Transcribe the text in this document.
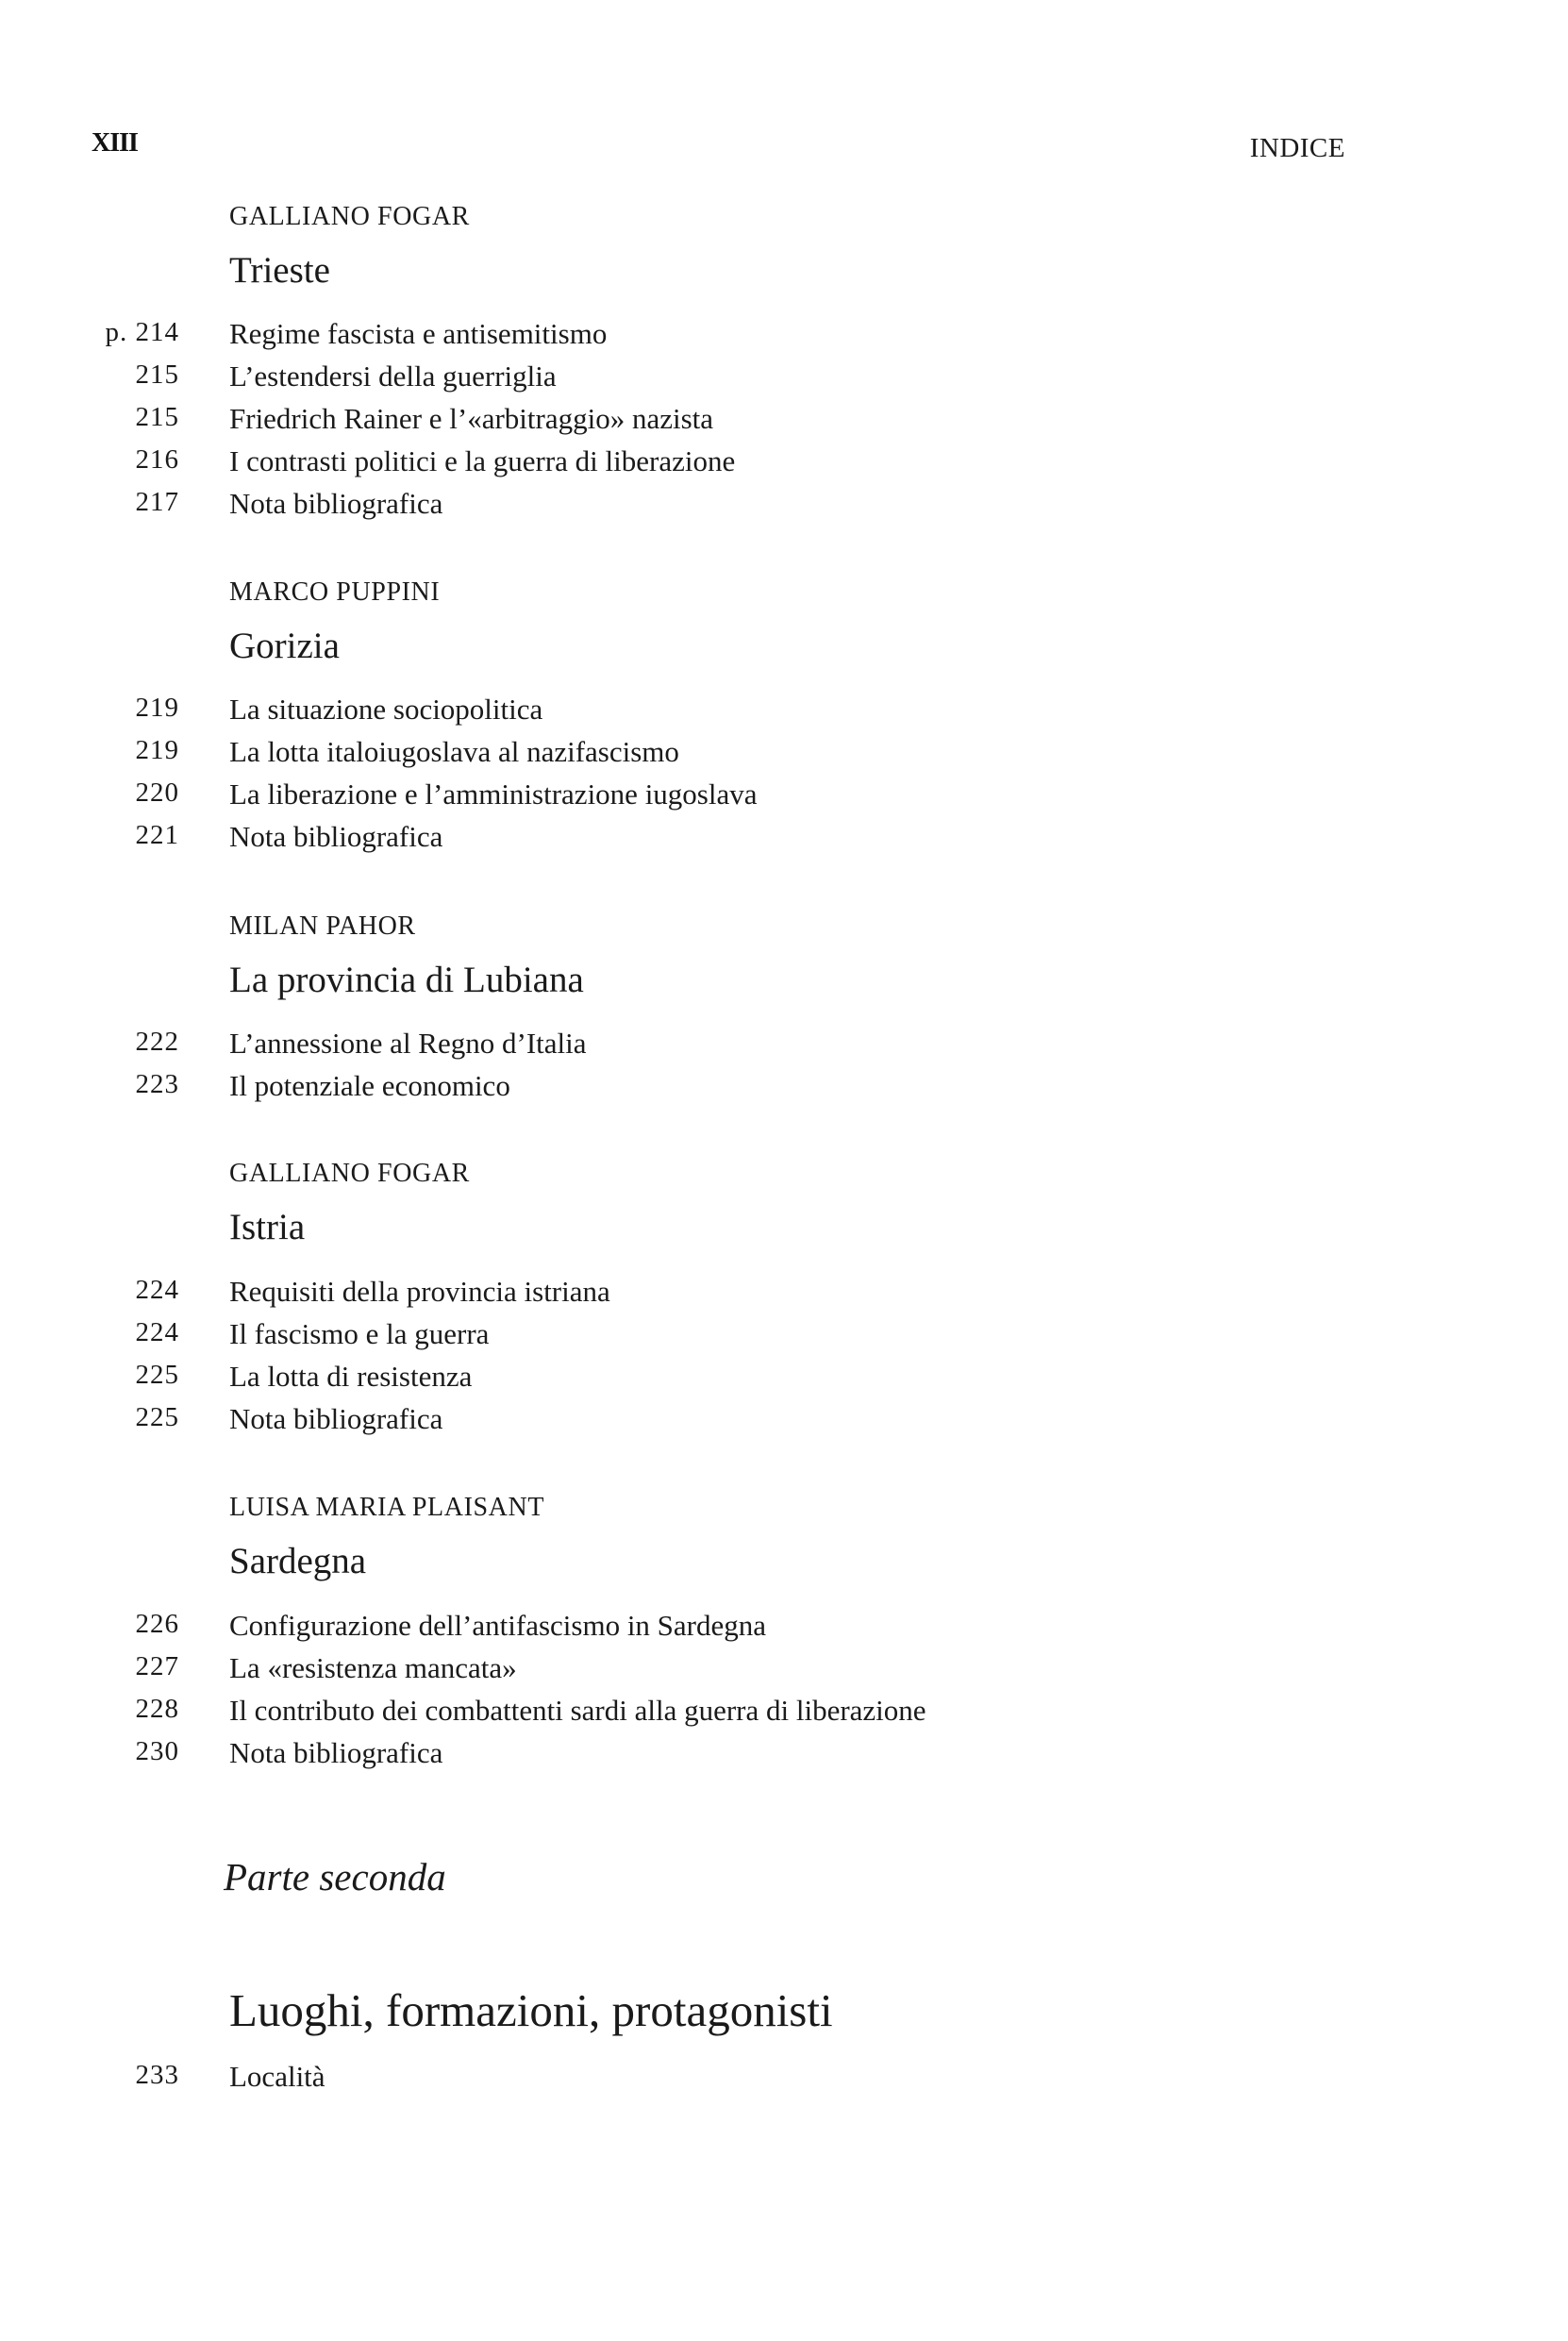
XIII	INDICE
GALLIANO FOGAR
Trieste
p. 214 Regime fascista e antisemitismo
215 L’estendersi della guerriglia
215 Friedrich Rainer e l’«arbitraggio» nazista
216 I contrasti politici e la guerra di liberazione
217 Nota bibliografica
MARCO PUPPINI
Gorizia
219 La situazione sociopolitica
219 La lotta italoiugoslava al nazifascismo
220 La liberazione e l’amministrazione iugoslava
221 Nota bibliografica
MILAN PAHOR
La provincia di Lubiana
222 L’annessione al Regno d’Italia
223 Il potenziale economico
GALLIANO FOGAR
Istria
224 Requisiti della provincia istriana
224 Il fascismo e la guerra
225 La lotta di resistenza
225 Nota bibliografica
LUISA MARIA PLAISANT
Sardegna
226 Configurazione dell’antifascismo in Sardegna
227 La «resistenza mancata»
228 Il contributo dei combattenti sardi alla guerra di liberazione
230 Nota bibliografica
Parte seconda
Luoghi, formazioni, protagonisti
233 Località
